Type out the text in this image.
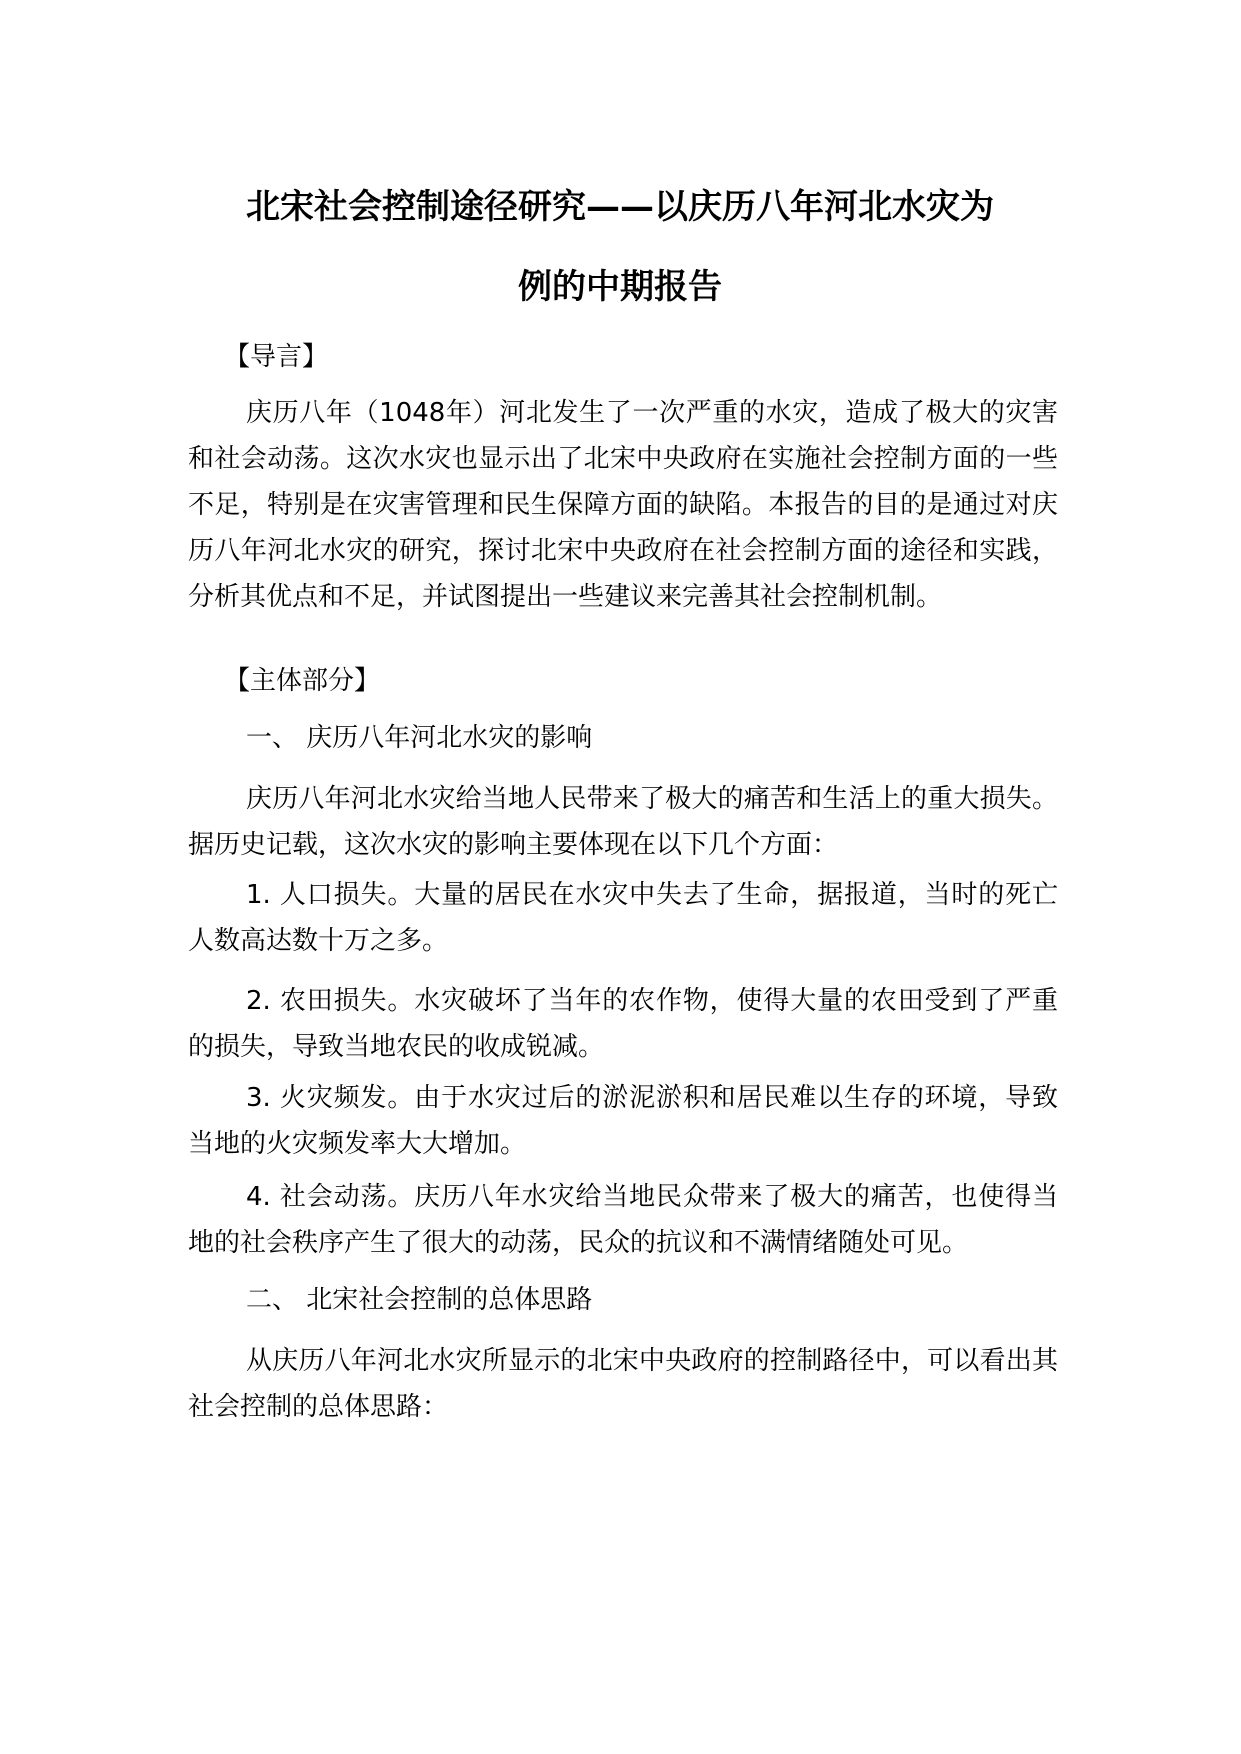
北宋社会控制途径研究——以庆历八年河北水灾为
例的中期报告

【导言】

庆历八年（1048年）河北发生了一次严重的水灾，造成了极大的灾害和社会动荡。这次水灾也显示出了北宋中央政府在实施社会控制方面的一些不足，特别是在灾害管理和民生保障方面的缺陷。本报告的目的是通过对庆历八年河北水灾的研究，探讨北宋中央政府在社会控制方面的途径和实践，分析其优点和不足，并试图提出一些建议来完善其社会控制机制。

【主体部分】

一、 庆历八年河北水灾的影响

庆历八年河北水灾给当地人民带来了极大的痛苦和生活上的重大损失。据历史记载，这次水灾的影响主要体现在以下几个方面：

1. 人口损失。大量的居民在水灾中失去了生命，据报道，当时的死亡人数高达数十万之多。

2. 农田损失。水灾破坏了当年的农作物，使得大量的农田受到了严重的损失，导致当地农民的收成锐减。

3. 火灾频发。由于水灾过后的淤泥淤积和居民难以生存的环境，导致当地的火灾频发率大大增加。

4. 社会动荡。庆历八年水灾给当地民众带来了极大的痛苦，也使得当地的社会秩序产生了很大的动荡，民众的抗议和不满情绪随处可见。

二、 北宋社会控制的总体思路

从庆历八年河北水灾所显示的北宋中央政府的控制路径中，可以看出其社会控制的总体思路：
